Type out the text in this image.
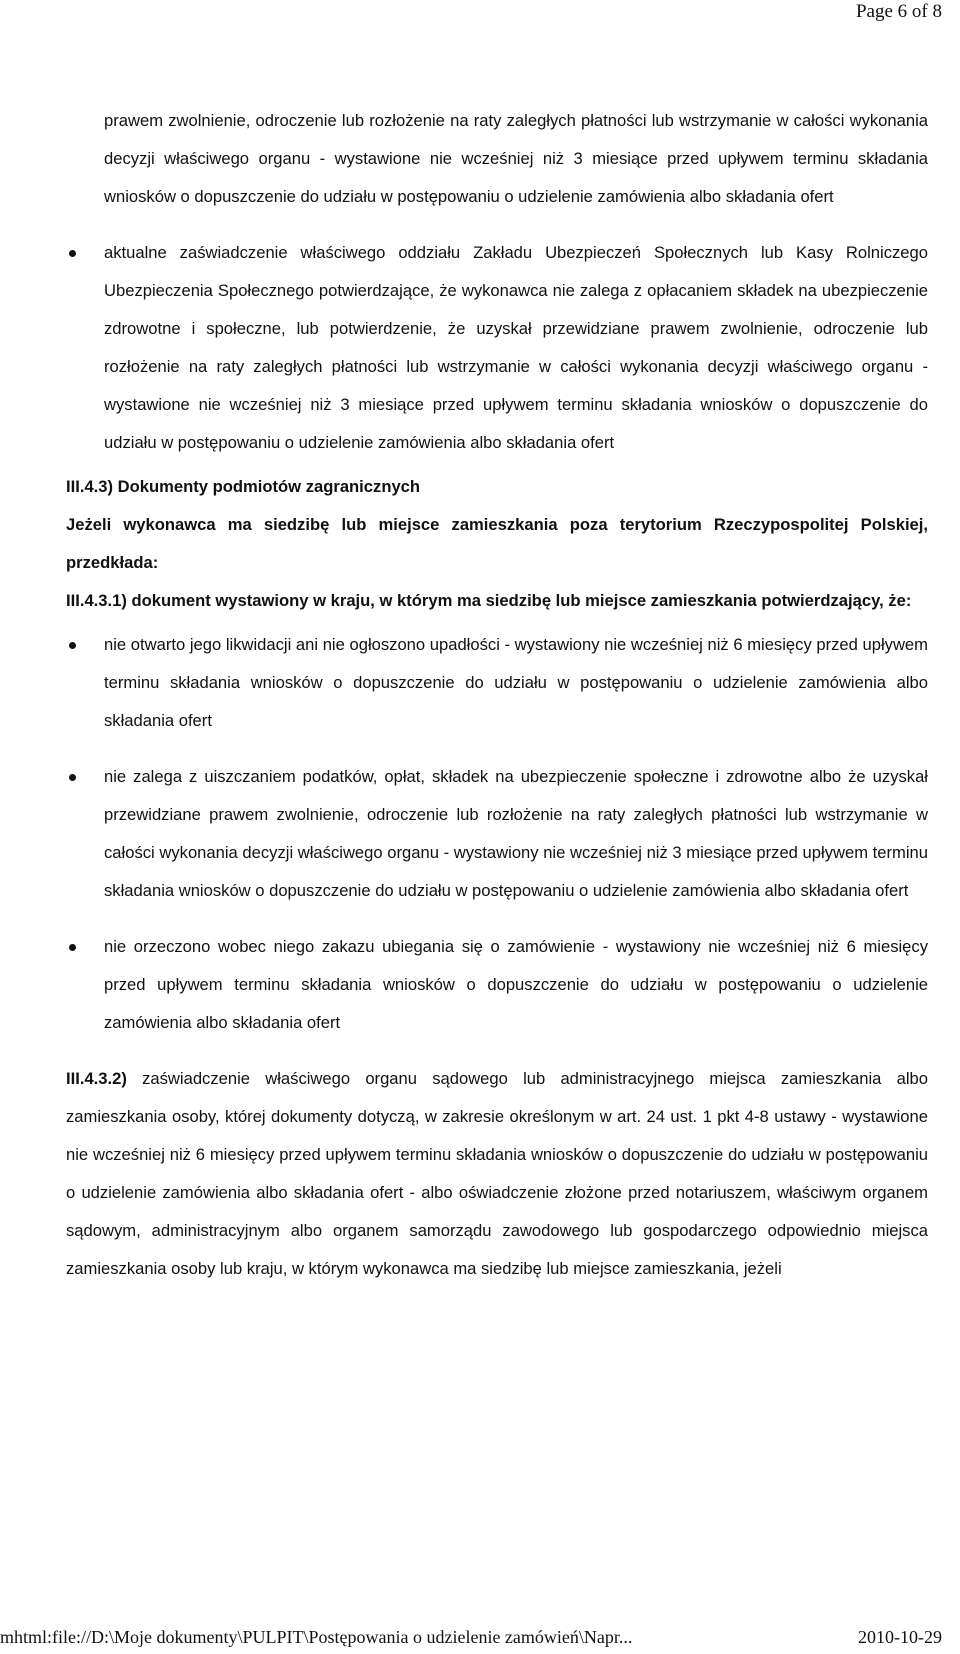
Page 6 of 8
prawem zwolnienie, odroczenie lub rozłożenie na raty zaległych płatności lub wstrzymanie w całości wykonania decyzji właściwego organu - wystawione nie wcześniej niż 3 miesiące przed upływem terminu składania wniosków o dopuszczenie do udziału w postępowaniu o udzielenie zamówienia albo składania ofert
aktualne zaświadczenie właściwego oddziału Zakładu Ubezpieczeń Społecznych lub Kasy Rolniczego Ubezpieczenia Społecznego potwierdzające, że wykonawca nie zalega z opłacaniem składek na ubezpieczenie zdrowotne i społeczne, lub potwierdzenie, że uzyskał przewidziane prawem zwolnienie, odroczenie lub rozłożenie na raty zaległych płatności lub wstrzymanie w całości wykonania decyzji właściwego organu - wystawione nie wcześniej niż 3 miesiące przed upływem terminu składania wniosków o dopuszczenie do udziału w postępowaniu o udzielenie zamówienia albo składania ofert
III.4.3) Dokumenty podmiotów zagranicznych
Jeżeli wykonawca ma siedzibę lub miejsce zamieszkania poza terytorium Rzeczypospolitej Polskiej, przedkłada:
III.4.3.1) dokument wystawiony w kraju, w którym ma siedzibę lub miejsce zamieszkania potwierdzający, że:
nie otwarto jego likwidacji ani nie ogłoszono upadłości - wystawiony nie wcześniej niż 6 miesięcy przed upływem terminu składania wniosków o dopuszczenie do udziału w postępowaniu o udzielenie zamówienia albo składania ofert
nie zalega z uiszczaniem podatków, opłat, składek na ubezpieczenie społeczne i zdrowotne albo że uzyskał przewidziane prawem zwolnienie, odroczenie lub rozłożenie na raty zaległych płatności lub wstrzymanie w całości wykonania decyzji właściwego organu - wystawiony nie wcześniej niż 3 miesiące przed upływem terminu składania wniosków o dopuszczenie do udziału w postępowaniu o udzielenie zamówienia albo składania ofert
nie orzeczono wobec niego zakazu ubiegania się o zamówienie - wystawiony nie wcześniej niż 6 miesięcy przed upływem terminu składania wniosków o dopuszczenie do udziału w postępowaniu o udzielenie zamówienia albo składania ofert
III.4.3.2) zaświadczenie właściwego organu sądowego lub administracyjnego miejsca zamieszkania albo zamieszkania osoby, której dokumenty dotyczą, w zakresie określonym w art. 24 ust. 1 pkt 4-8 ustawy - wystawione nie wcześniej niż 6 miesięcy przed upływem terminu składania wniosków o dopuszczenie do udziału w postępowaniu o udzielenie zamówienia albo składania ofert - albo oświadczenie złożone przed notariuszem, właściwym organem sądowym, administracyjnym albo organem samorządu zawodowego lub gospodarczego odpowiednio miejsca zamieszkania osoby lub kraju, w którym wykonawca ma siedzibę lub miejsce zamieszkania, jeżeli
mhtml:file://D:\Moje dokumenty\PULPIT\Postępowania o udzielenie zamówień\Napr...	2010-10-29
